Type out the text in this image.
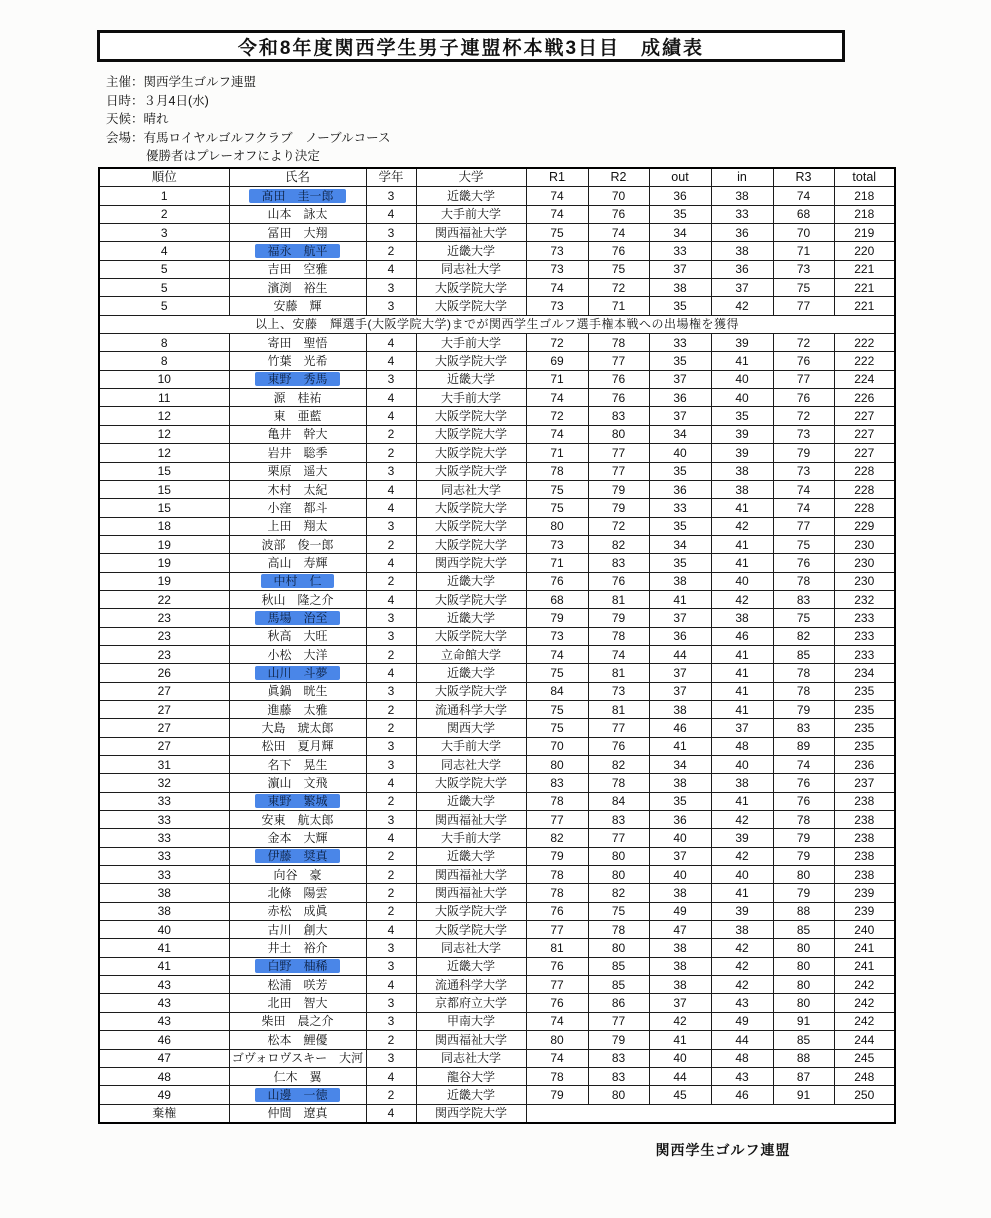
令和8年度関西学生男子連盟杯本戦3日目　成績表
主催：関西学生ゴルフ連盟
日時：３月4日(水)
天候：晴れ
会場：有馬ロイヤルゴルフクラブ　ノーブルコース
優勝者はプレーオフにより決定
順位	氏名	学年	大学	R1	R2	out	in	R3	total
1	髙田　圭一郎	3	近畿大学	74	70	36	38	74	218
2	山本　詠太	4	大手前大学	74	76	35	33	68	218
3	冨田　大翔	3	関西福祉大学	75	74	34	36	70	219
4	福永　航平	2	近畿大学	73	76	33	38	71	220
5	吉田　空雅	4	同志社大学	73	75	37	36	73	221
5	濱渕　裕生	3	大阪学院大学	74	72	38	37	75	221
5	安藤　輝	3	大阪学院大学	73	71	35	42	77	221
以上、安藤　輝選手(大阪学院大学)までが関西学生ゴルフ選手権本戦への出場権を獲得									
8	寄田　聖悟	4	大手前大学	72	78	33	39	72	222
8	竹葉　光希	4	大阪学院大学	69	77	35	41	76	222
10	東野　秀馬	3	近畿大学	71	76	37	40	77	224
11	源　桂祐	4	大手前大学	74	76	36	40	76	226
12	東　亜藍	4	大阪学院大学	72	83	37	35	72	227
12	亀井　幹大	2	大阪学院大学	74	80	34	39	73	227
12	岩井　聡季	2	大阪学院大学	71	77	40	39	79	227
15	栗原　遥大	3	大阪学院大学	78	77	35	38	73	228
15	木村　太紀	4	同志社大学	75	79	36	38	74	228
15	小窪　都斗	4	大阪学院大学	75	79	33	41	74	228
18	上田　翔太	3	大阪学院大学	80	72	35	42	77	229
19	波部　俊一郎	2	大阪学院大学	73	82	34	41	75	230
19	高山　寿輝	4	関西学院大学	71	83	35	41	76	230
19	中村　仁	2	近畿大学	76	76	38	40	78	230
22	秋山　隆之介	4	大阪学院大学	68	81	41	42	83	232
23	馬場　治至	3	近畿大学	79	79	37	38	75	233
23	秋高　大旺	3	大阪学院大学	73	78	36	46	82	233
23	小松　大洋	2	立命館大学	74	74	44	41	85	233
26	山川　斗夢	4	近畿大学	75	81	37	41	78	234
27	眞鍋　晄生	3	大阪学院大学	84	73	37	41	78	235
27	進藤　太雅	2	流通科学大学	75	81	38	41	79	235
27	大島　琥太郎	2	関西大学	75	77	46	37	83	235
27	松田　夏月輝	3	大手前大学	70	76	41	48	89	235
31	名下　晃生	3	同志社大学	80	82	34	40	74	236
32	濵山　文飛	4	大阪学院大学	83	78	38	38	76	237
33	東野　繁城	2	近畿大学	78	84	35	41	76	238
33	安東　航太郎	3	関西福祉大学	77	83	36	42	78	238
33	金本　大輝	4	大手前大学	82	77	40	39	79	238
33	伊藤　奨真	2	近畿大学	79	80	37	42	79	238
33	向谷　豪	2	関西福祉大学	78	80	40	40	80	238
38	北條　陽雲	2	関西福祉大学	78	82	38	41	79	239
38	赤松　成眞	2	大阪学院大学	76	75	49	39	88	239
40	古川　創大	4	大阪学院大学	77	78	47	38	85	240
41	井土　裕介	3	同志社大学	81	80	38	42	80	241
41	白野　柚稀	3	近畿大学	76	85	38	42	80	241
43	松浦　咲芳	4	流通科学大学	77	85	38	42	80	242
43	北田　智大	3	京都府立大学	76	86	37	43	80	242
43	柴田　晨之介	3	甲南大学	74	77	42	49	91	242
46	松本　鯉優	2	関西福祉大学	80	79	41	44	85	244
47	ゴヴォロヴスキー　大河	3	同志社大学	74	83	40	48	88	245
48	仁木　翼	4	龍谷大学	78	83	44	43	87	248
49	山邊　一徳	2	近畿大学	79	80	45	46	91	250
棄権	仲間　遼真	4	関西学院大学						
関西学生ゴルフ連盟
